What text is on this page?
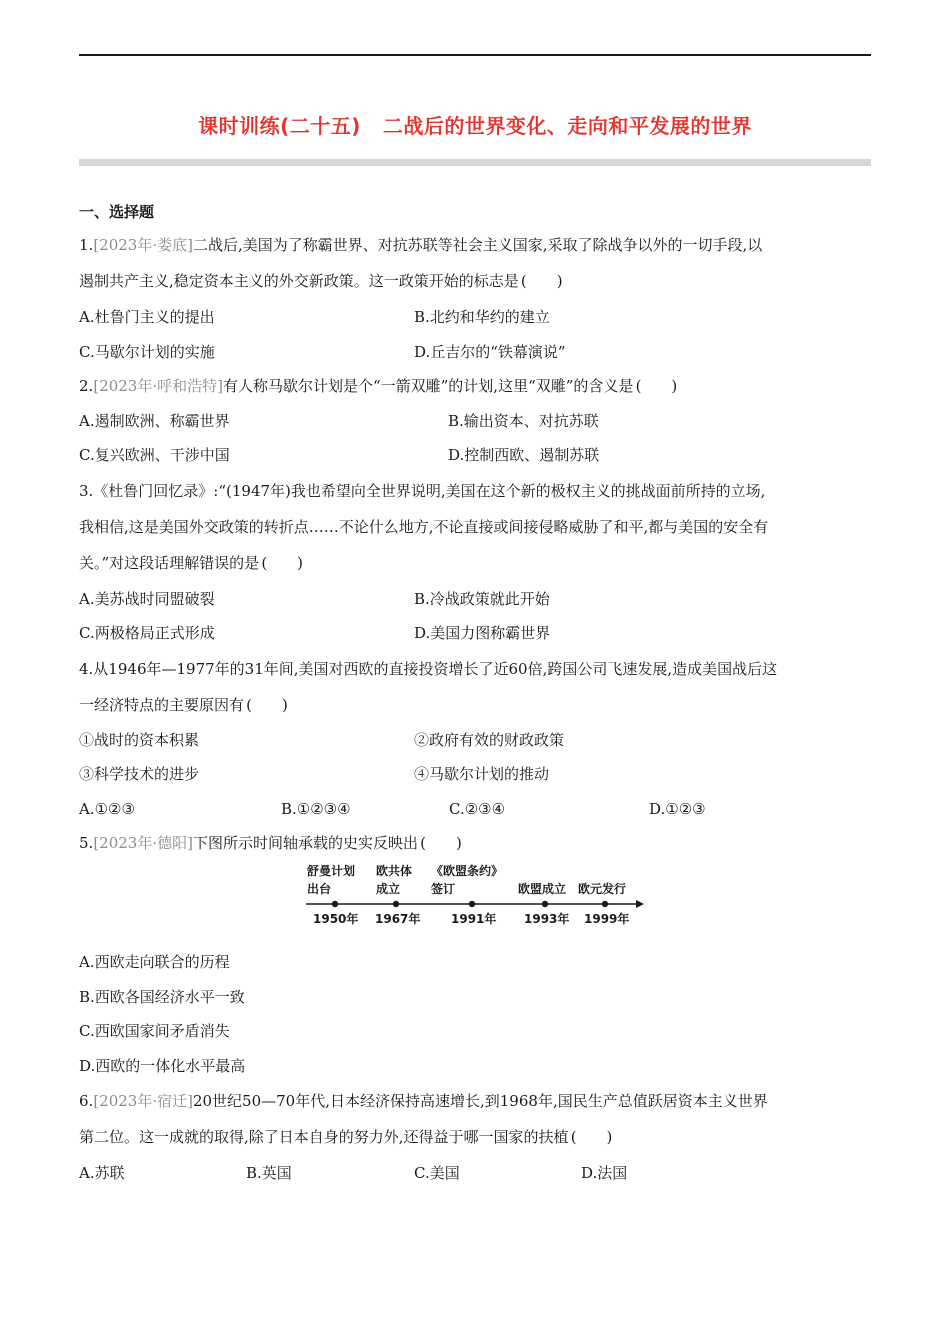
课时训练(二十五) 二战后的世界变化、走向和平发展的世界
一、选择题
1.[2023年·娄底]二战后,美国为了称霸世界、对抗苏联等社会主义国家,采取了除战争以外的一切手段,以
遏制共产主义,稳定资本主义的外交新政策。这一政策开始的标志是 (　　)
A.杜鲁门主义的提出	B.北约和华约的建立
C.马歇尔计划的实施	D.丘吉尔的“铁幕演说”
2.[2023年·呼和浩特]有人称马歇尔计划是个“一箭双雕”的计划,这里“双雕”的含义是 (　　)
A.遏制欧洲、称霸世界	B.输出资本、对抗苏联
C.复兴欧洲、干涉中国	D.控制西欧、遏制苏联
3.《杜鲁门回忆录》:“(1947年)我也希望向全世界说明,美国在这个新的极权主义的挑战面前所持的立场,
我相信,这是美国外交政策的转折点……不论什么地方,不论直接或间接侵略威胁了和平,都与美国的安全有
关。”对这段话理解错误的是 (　　)
A.美苏战时同盟破裂	B.冷战政策就此开始
C.两极格局正式形成	D.美国力图称霸世界
4.从1946年—1977年的31年间,美国对西欧的直接投资增长了近60倍,跨国公司飞速发展,造成美国战后这
一经济特点的主要原因有 (　　)
①战时的资本积累	②政府有效的财政政策
③科学技术的进步	④马歇尔计划的推动
A.①②③	B.①②③④	C.②③④	D.①②③
5.[2023年·德阳]下图所示时间轴承载的史实反映出 (　　)
舒曼计划
出台
欧共体
成立
《欧盟条约》
签订	欧盟成立 欧元发行
1950年 1967年	1991年 1993年 1999年
A.西欧走向联合的历程
B.西欧各国经济水平一致
C.西欧国家间矛盾消失
D.西欧的一体化水平最高
6.[2023年·宿迁]20世纪50—70年代,日本经济保持高速增长,到1968年,国民生产总值跃居资本主义世界
第二位。这一成就的取得,除了日本自身的努力外,还得益于哪一国家的扶植 (　　)
A.苏联	B.英国	C.美国	D.法国
